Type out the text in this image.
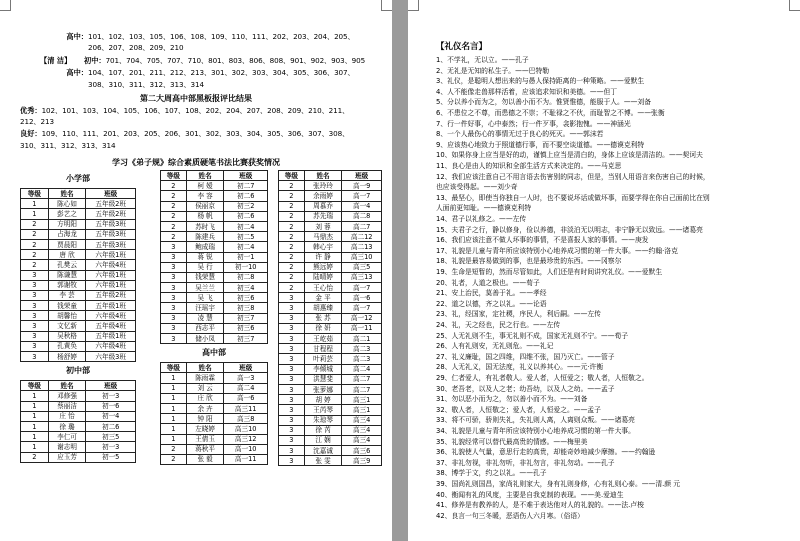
高中：101、102、103、105、106、108、109、110、111、202、203、204、205、
206、207、208、209、210
【清 洁】 初中：701、704、705、707、710、801、803、806、808、901、902、903、905
高中：104、107、201、211、212、213、301、302、303、304、305、306、307、
308、310、311、312、313、314
第二大周高中部黑板报评比结果
优秀：102、101、103、104、105、106、107、108、202、204、207、208、209、210、211、
212、213
良好：109、110、111、201、203、205、206、301、302、303、304、305、306、307、308、
310、311、312、313、314
学习《弟子规》综合素质硬笔书法比赛获奖情况
小学部		
等级	姓名	班级
1	陈心如	五年级2班
1	彭艺之	五年级2班
2	方明阳	五年级3班
2	占海龙	五年级3班
2	贾晨阳	五年级3班
2	唐 欣	六年级1班
2	孔樊云	六年级4班
3	陈谦慧	六年级1班
3	郭谢牧	六年级1班
3	李 芸	五年级2班
3	钱荣童	五年级1班
3	胡馨怡	六年级4班
3	文忆新	五年级4班
3	吴秋格	五年级1班
3	孔黄奂	六年级4班
3	杨舒婷	六年级3班
初中部		
等级	姓名	班级
1	邓修强	初一3
1	蔡丽洁	初一6
1	庄 怡	初一4
1	徐 璐	初二6
1	李仁可	初三5
1	谢志明	初一3
2	应玉芳	初一5
等级	姓名	班级
2	柯 嫒	初二7
2	李 容	初二6
2	侯丽京	初三2
2	杨 帆	初二6
2	苏时飞	初二4
2	陈建兵	初二5
3	鲍成瑞	初二4
3	蒋 锐	初一1
3	吴 行	初一10
3	钱荣慧	初二8
3	吴兰兰	初三4
3	吴 飞	初三6
3	汪瑶宇	初三8
3	凌 慧	初三7
3	西志平	初三6
3	储小凤	初三7
高中部		
等级	姓名	班级
1	陈雨霖	高一3
1	刘 云	高二4
1	庄 欣	高一6
1	余 卉	高三11
1	钟 阳	高三8
1	左晓婷	高三10
1	王倩玉	高三12
2	蒋秋平	高一10
2	张 毅	高一11
等级	姓名	班级
2	张玲玲	高一9
2	余雨婷	高一7
2	周慕乔	高一4
2	苏先瑞	高二8
2	刘 蓉	高二7
2	马鼎杰	高二12
2	韩心宇	高二13
2	许 静	高三10
2	熊远婷	高三5
2	陆晴婷	高三13
2	王心怡	高一7
3	金 平	高一6
3	胡惠臻	高一7
3	张 苏	高一12
3	徐 妍	高一11
3	王屹茹	高二1
3	甘程程	高二3
3	叶莉芸	高二3
3	李倾城	高二4
3	洪慧斐	高二7
3	张萝娜	高二7
3	胡 婷	高三1
3	王芮琴	高三1
3	朱琼琴	高三4
3	徐 芮	高三4
3	江 娴	高三4
3	沈嘉诚	高三6
3	张 雯	高三9
【礼仪名言】
1、不学礼，无以立。——孔子
2、无礼是无知的私生子。——巴特勒
3、礼仪，是聪明人想出来的与愚人保持距离的一种策略。——爱默生
4、人不能像走兽那样活着，应该追求知识和美德。——但丁
5、分以养小而为之，勿以善小而不为。惟贤惟德，能服于人。——刘备
6、不患位之不尊，而患德之不崇；不耻禄之不伙，而耻智之不博。——张衡
7、行一件好事，心中泰然；行一件歹事，衾影抱愧。——神涵光
8、一个人最伤心的事情无过于良心的死灭。——郭沫若
9、应该热心地致力于照道德行事，而不要空谈道德。——德谟克利特
10、如果你身上应当是好的动，谨慎上应当是清白的，身体上应该是清洁的。——契诃夫
11、良心是由人的知识和全部生活方式来决定的。——马克思
12、我们应该注意自己不用言语去伤害别的同志，但是，当别人用语言来伤害自己的时候，
也应该受得起。——刘少奇
13、最坚心，即使当你独自一人时，也不要说坏话或做坏事，而要学得在你自己面前比在别
人面前更知耻。——德谟克利特
14、君子以礼修之。——左传
15、夫君子之行，静以修身，俭以养德，非淡泊无以明志，非宁静无以致远。——诸葛亮
16、我们应该注意不做人坏事的事情，不是喜报人家的事情。——庚发
17、礼貌是儿童与青年所应该特别小心地养成习惯的第一件大事。——约翰·洛克
18、礼貌是最容易做到的事，也是最珍贵的东西。——冈察尔
19、生命是短暂的，然而尽管如此，人们还是有时间讲究礼仪。——爱默生
20、礼者，人道之极也。——荀子
21、安上治民，莫善于礼。——孝经
22、道之以德，齐之以礼。——论语
23、礼，经国家，定社稷，序民人，利后嗣。——左传
24、礼，天之经也，民之行也。——左传
25、人无礼则不生，事无礼则不成，国家无礼则不宁。——荀子
26、人有礼则安，无礼则危。——礼记
27、礼义廉耻，国之四维，四维不张，国乃灭亡。——管子
28、人无礼义，国无法度，礼义以养其心。——元·许衡
29、仁者爱人，有礼者敬人。爱人者，人恒爱之；敬人者，人恒敬之。
30、老吾老，以及人之老；幼吾幼，以及人之幼。——孟子
31、勿以恶小而为之，勿以善小而不为。——刘备
32、敬人者，人恒敬之；爱人者，人恒爱之。——孟子
33、将不可骄，骄则失礼，失礼则人离，人离则众叛。——诸葛亮
34、礼貌是儿童与青年所应该特别小心地养成习惯的第一件大事。
35、礼貌经常可以替代最高贵的情感。——梅里美
36、礼貌使人气量，意思行走的高贵，却能奇妙地减少摩擦。——约翰逊
37、非礼勿视，非礼勿听，非礼勿言，非礼勿动。——孔子
38、博学于文，约之以礼。——孔子
39、国尚礼则国昌，家尚礼则家大，身有礼则身修，心有礼则心泰。——清.颜 元
40、衡闻有礼的风度，主要是自我克制的表现。——美.爱迪生
41、修养是有教养的人，是不难于表达他对人的礼貌的。——法.卢梭
42、良言一句三冬暖，恶语伤人六月寒。（俗语）
